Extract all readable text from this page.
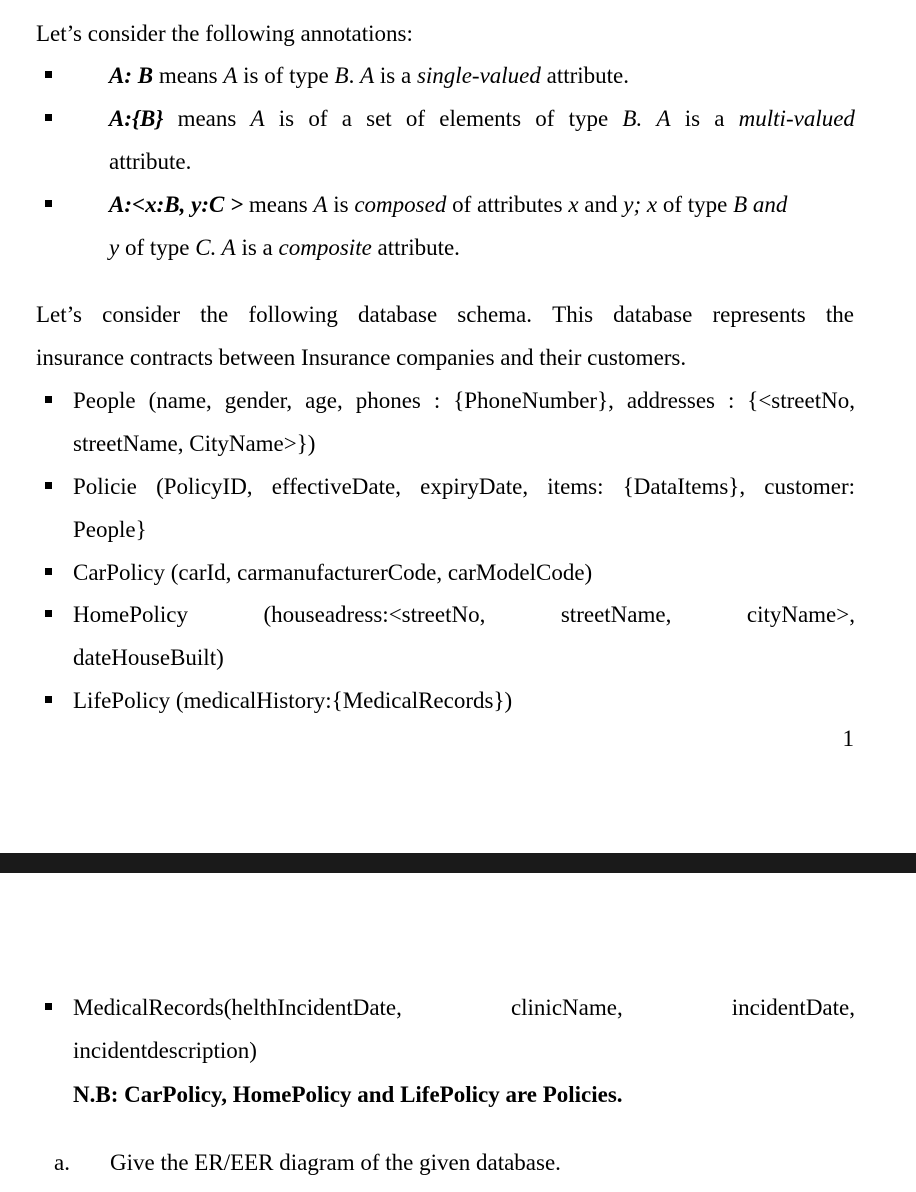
Let’s consider the following annotations:
A: B means A is of type B. A is a single-valued attribute.
A:{B} means A is of a set of elements of type B. A is a multi-valued
attribute.
A:<x:B, y:C > means A is composed of attributes x and y; x of type B and
y of type C. A is a composite attribute.
Let’s consider the following database schema. This database represents the
insurance contracts between Insurance companies and their customers.
People (name, gender, age, phones : {PhoneNumber}, addresses : {<streetNo,
streetName, CityName>})
Policie (PolicyID, effectiveDate, expiryDate, items: {DataItems}, customer:
People}
CarPolicy (carId, carmanufacturerCode, carModelCode)
HomePolicy	(houseadress:<streetNo,	streetName,	cityName>,
dateHouseBuilt)
LifePolicy (medicalHistory:{MedicalRecords})
1
MedicalRecords(helthIncidentDate,	clinicName,	incidentDate,
incidentdescription)
N.B: CarPolicy, HomePolicy and LifePolicy are Policies.
a. Give the ER/EER diagram of the given database.
